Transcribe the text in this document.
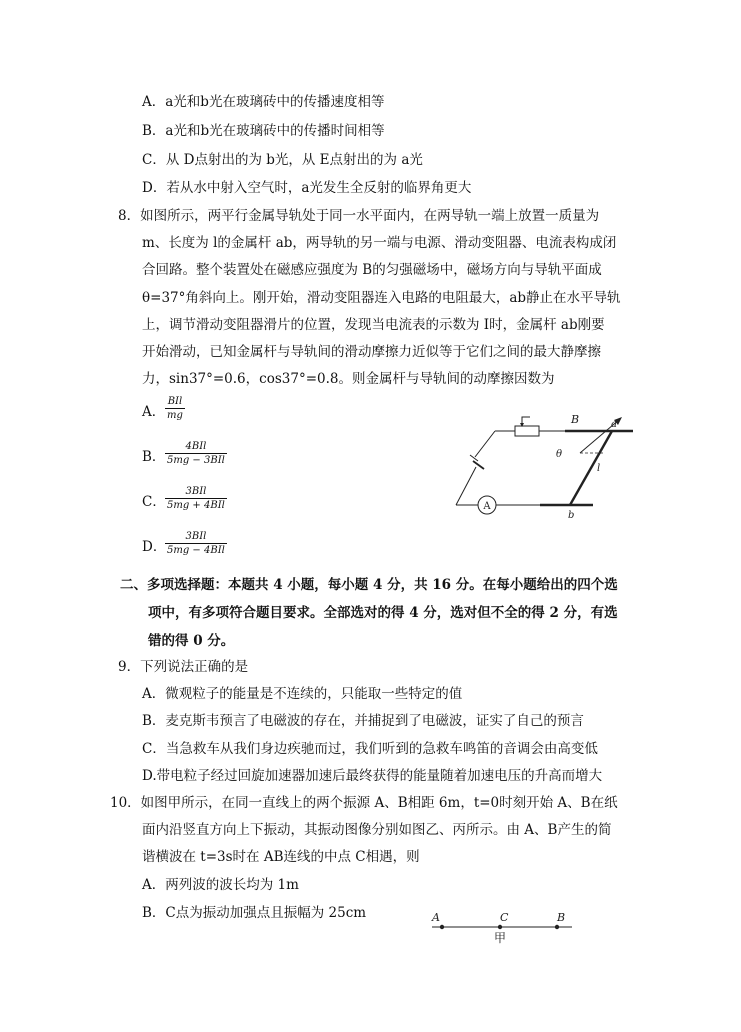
A．a光和b光在玻璃砖中的传播速度相等
B．a光和b光在玻璃砖中的传播时间相等
C．从 D点射出的为 b光，从 E点射出的为 a光
D．若从水中射入空气时，a光发生全反射的临界角更大
8．如图所示，两平行金属导轨处于同一水平面内，在两导轨一端上放置一质量为
m、长度为 l的金属杆 ab，两导轨的另一端与电源、滑动变阻器、电流表构成闭
合回路。整个装置处在磁感应强度为 B的匀强磁场中，磁场方向与导轨平面成
θ=37°角斜向上。刚开始，滑动变阻器连入电路的电阻最大，ab静止在水平导轨
上，调节滑动变阻器滑片的位置，发现当电流表的示数为 I时，金属杆 ab刚要
开始滑动，已知金属杆与导轨间的滑动摩擦力近似等于它们之间的最大静摩擦
力，sin37°=0.6，cos37°=0.8。则金属杆与导轨间的动摩擦因数为
A．
BIl
mg
B．
4BIl
5mg − 3BIl
C．
3BIl
5mg + 4BIl
D．
3BIl
5mg − 4BIl
A
B	a
b
θ
l
二、多项选择题：本题共 4 小题，每小题 4 分，共 16 分。在每小题给出的四个选
项中，有多项符合题目要求。全部选对的得 4 分，选对但不全的得 2 分，有选
错的得 0 分。
9．下列说法正确的是
A．微观粒子的能量是不连续的，只能取一些特定的值
B．麦克斯韦预言了电磁波的存在，并捕捉到了电磁波，证实了自己的预言
C．当急救车从我们身边疾驰而过，我们听到的急救车鸣笛的音调会由高变低
D.带电粒子经过回旋加速器加速后最终获得的能量随着加速电压的升高而增大
10．如图甲所示，在同一直线上的两个振源 A、B相距 6m，t=0时刻开始 A、B在纸
面内沿竖直方向上下振动，其振动图像分别如图乙、丙所示。由 A、B产生的简
谐横波在 t=3s时在 AB连线的中点 C相遇，则
A．两列波的波长均为 1m
B．C点为振动加强点且振幅为 25cm	A	C	B
甲
